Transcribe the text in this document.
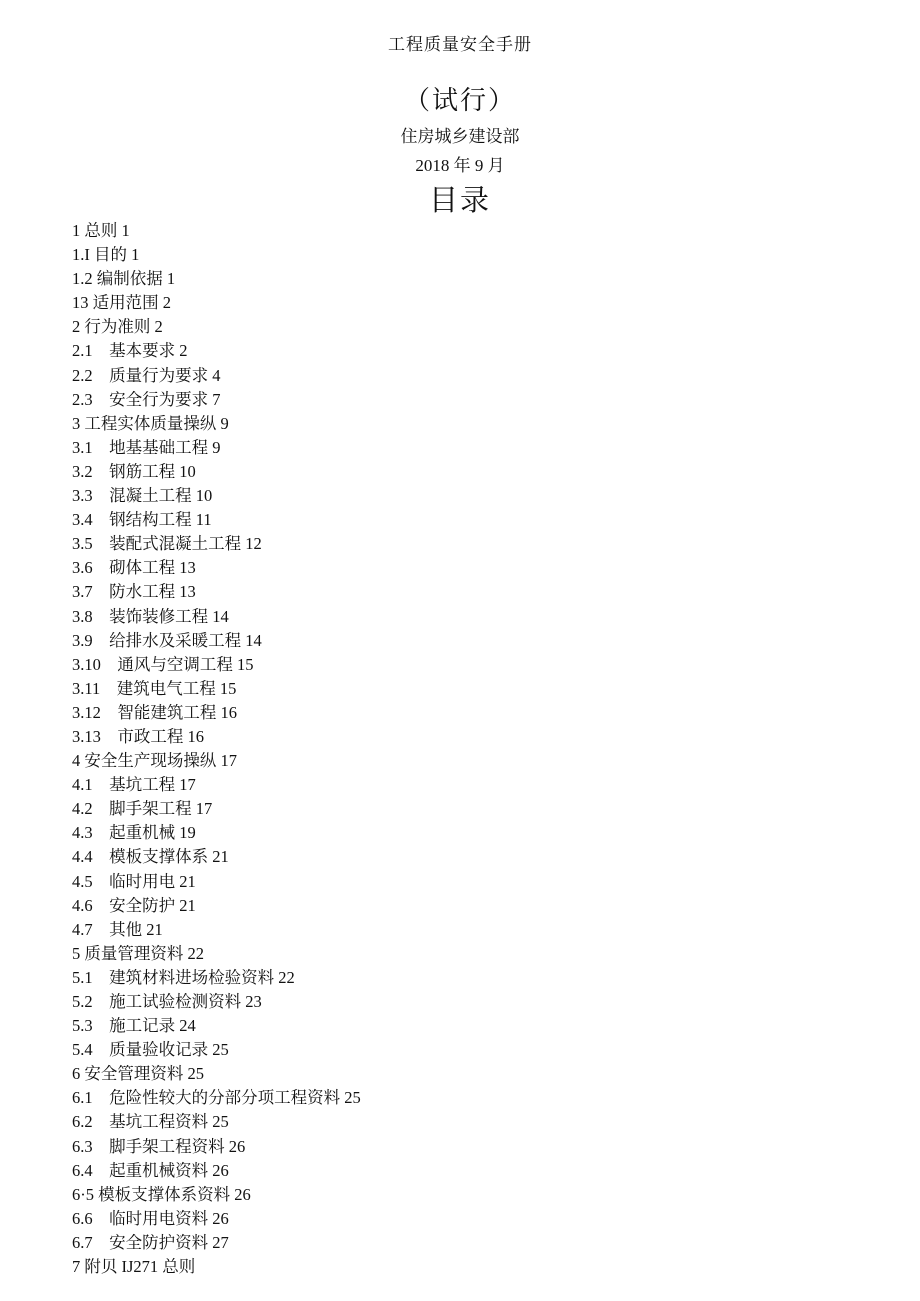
工程质量安全手册
（试行）
住房城乡建设部
2018 年 9 月
目录
1 总则 1
1.I 目的 1
1.2 编制依据 1
13 适用范围 2
2 行为准则 2
2.1　基本要求 2
2.2　质量行为要求 4
2.3　安全行为要求 7
3 工程实体质量操纵 9
3.1　地基基础工程 9
3.2　钢筋工程 10
3.3　混凝土工程 10
3.4　钢结构工程 11
3.5　装配式混凝土工程 12
3.6　砌体工程 13
3.7　防水工程 13
3.8　装饰装修工程 14
3.9　给排水及采暖工程 14
3.10　通风与空调工程 15
3.11　建筑电气工程 15
3.12　智能建筑工程 16
3.13　市政工程 16
4 安全生产现场操纵 17
4.1　基坑工程 17
4.2　脚手架工程 17
4.3　起重机械 19
4.4　模板支撑体系 21
4.5　临时用电 21
4.6　安全防护 21
4.7　其他 21
5 质量管理资料 22
5.1　建筑材料进场检验资料 22
5.2　施工试验检测资料 23
5.3　施工记录 24
5.4　质量验收记录 25
6 安全管理资料 25
6.1　危险性较大的分部分项工程资料 25
6.2　基坑工程资料 25
6.3　脚手架工程资料 26
6.4　起重机械资料 26
6·5 模板支撑体系资料 26
6.6　临时用电资料 26
6.7　安全防护资料 27
7 附贝 IJ271 总则
